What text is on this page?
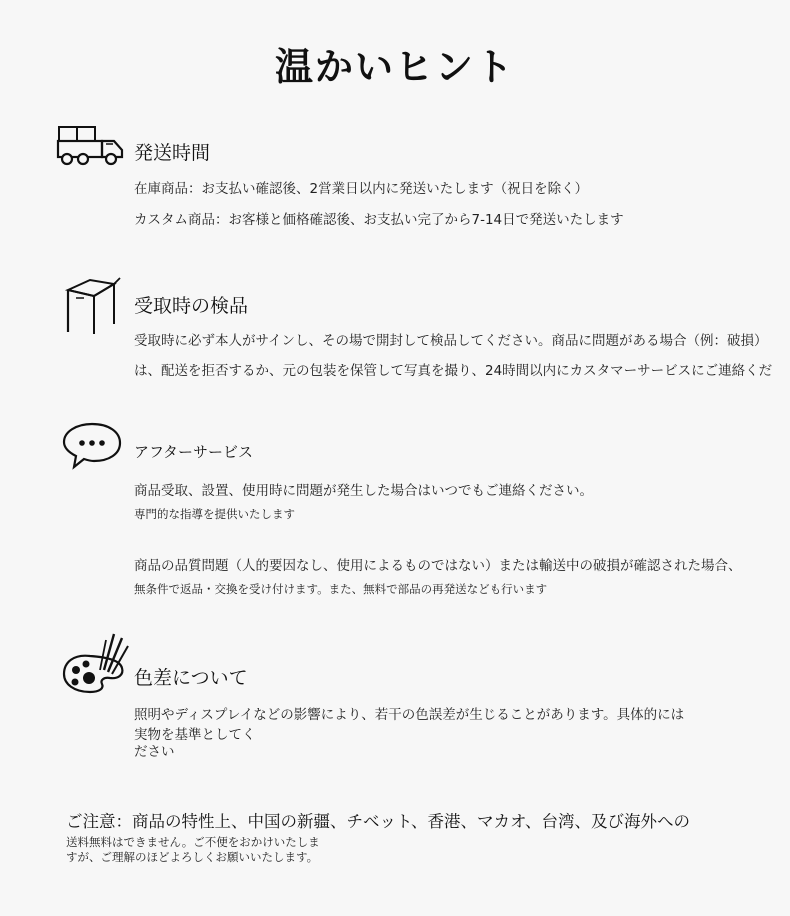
温かいヒント
発送時間
在庫商品：お支払い確認後、2営業日以内に発送いたします（祝日を除く）
カスタム商品：お客様と価格確認後、お支払い完了から7-14日で発送いたします
受取時の検品
受取時に必ず本人がサインし、その場で開封して検品してください。商品に問題がある場合（例：破損）
は、配送を拒否するか、元の包装を保管して写真を撮り、24時間以内にカスタマーサービスにご連絡くだ
アフターサービス
商品受取、設置、使用時に問題が発生した場合はいつでもご連絡ください。
専門的な指導を提供いたします
商品の品質問題（人的要因なし、使用によるものではない）または輸送中の破損が確認された場合、
無条件で返品・交換を受け付けます。また、無料で部品の再発送なども行います
色差について
照明やディスプレイなどの影響により、若干の色誤差が生じることがあります。具体的には
実物を基準としてく
ださい
ご注意：商品の特性上、中国の新疆、チベット、香港、マカオ、台湾、及び海外への
送料無料はできません。ご不便をおかけいたしま
すが、ご理解のほどよろしくお願いいたします。
